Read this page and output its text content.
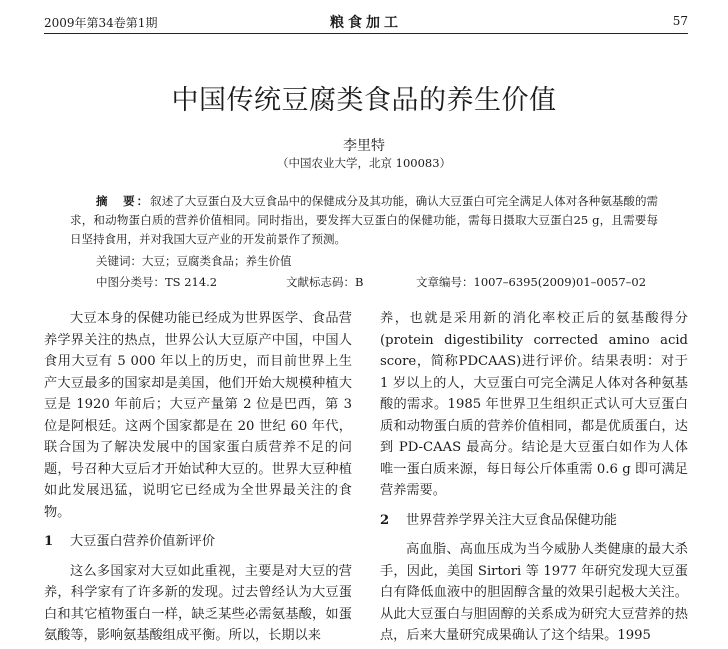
2009年第34卷第1期	粮食加工	57
中国传统豆腐类食品的养生价值
李里特
（中国农业大学，北京 100083）

摘　要：叙述了大豆蛋白及大豆食品中的保健成分及其功能，确认大豆蛋白可完全满足人体对各种氨基酸的需求，和动物蛋白质的营养价值相同。同时指出，要发挥大豆蛋白的保健功能，需每日摄取大豆蛋白25 g，且需要每日坚持食用，并对我国大豆产业的开发前景作了预测。

关键词：大豆；豆腐类食品；养生价值
中图分类号：TS 214.2	文献标志码：B	文章编号：1007–6395(2009)01–0057–02

大豆本身的保健功能已经成为世界医学、食品营养学界关注的热点，世界公认大豆原产中国，中国人食用大豆有 5 000 年以上的历史，而目前世界上生产大豆最多的国家却是美国，他们开始大规模种植大豆是 1920 年前后；大豆产量第 2 位是巴西，第 3 位是阿根廷。这两个国家都是在 20 世纪 60 年代，联合国为了解决发展中的国家蛋白质营养不足的问题，号召种大豆后才开始试种大豆的。世界大豆种植如此发展迅猛，说明它已经成为全世界最关注的食物。

1 大豆蛋白营养价值新评价

这么多国家对大豆如此重视，主要是对大豆的营养，科学家有了许多新的发现。过去曾经认为大豆蛋白和其它植物蛋白一样，缺乏某些必需氨基酸，如蛋氨酸等，影响氨基酸组成平衡。所以，长期以来

养，也就是采用新的消化率校正后的氨基酸得分(protein digestibility corrected amino acid score，简称PDCAAS)进行评价。结果表明：对于 1 岁以上的人，大豆蛋白可完全满足人体对各种氨基酸的需求。1985 年世界卫生组织正式认可大豆蛋白质和动物蛋白质的营养价值相同，都是优质蛋白，达到 PD-CAAS 最高分。结论是大豆蛋白如作为人体唯一蛋白质来源，每日每公斤体重需 0.6 g 即可满足营养需要。

2 世界营养学界关注大豆食品保健功能

高血脂、高血压成为当今威胁人类健康的最大杀手，因此，美国 Sirtori 等 1977 年研究发现大豆蛋白有降低血液中的胆固醇含量的效果引起极大关注。从此大豆蛋白与胆固醇的关系成为研究大豆营养的热点，后来大量研究成果确认了这个结果。1995
